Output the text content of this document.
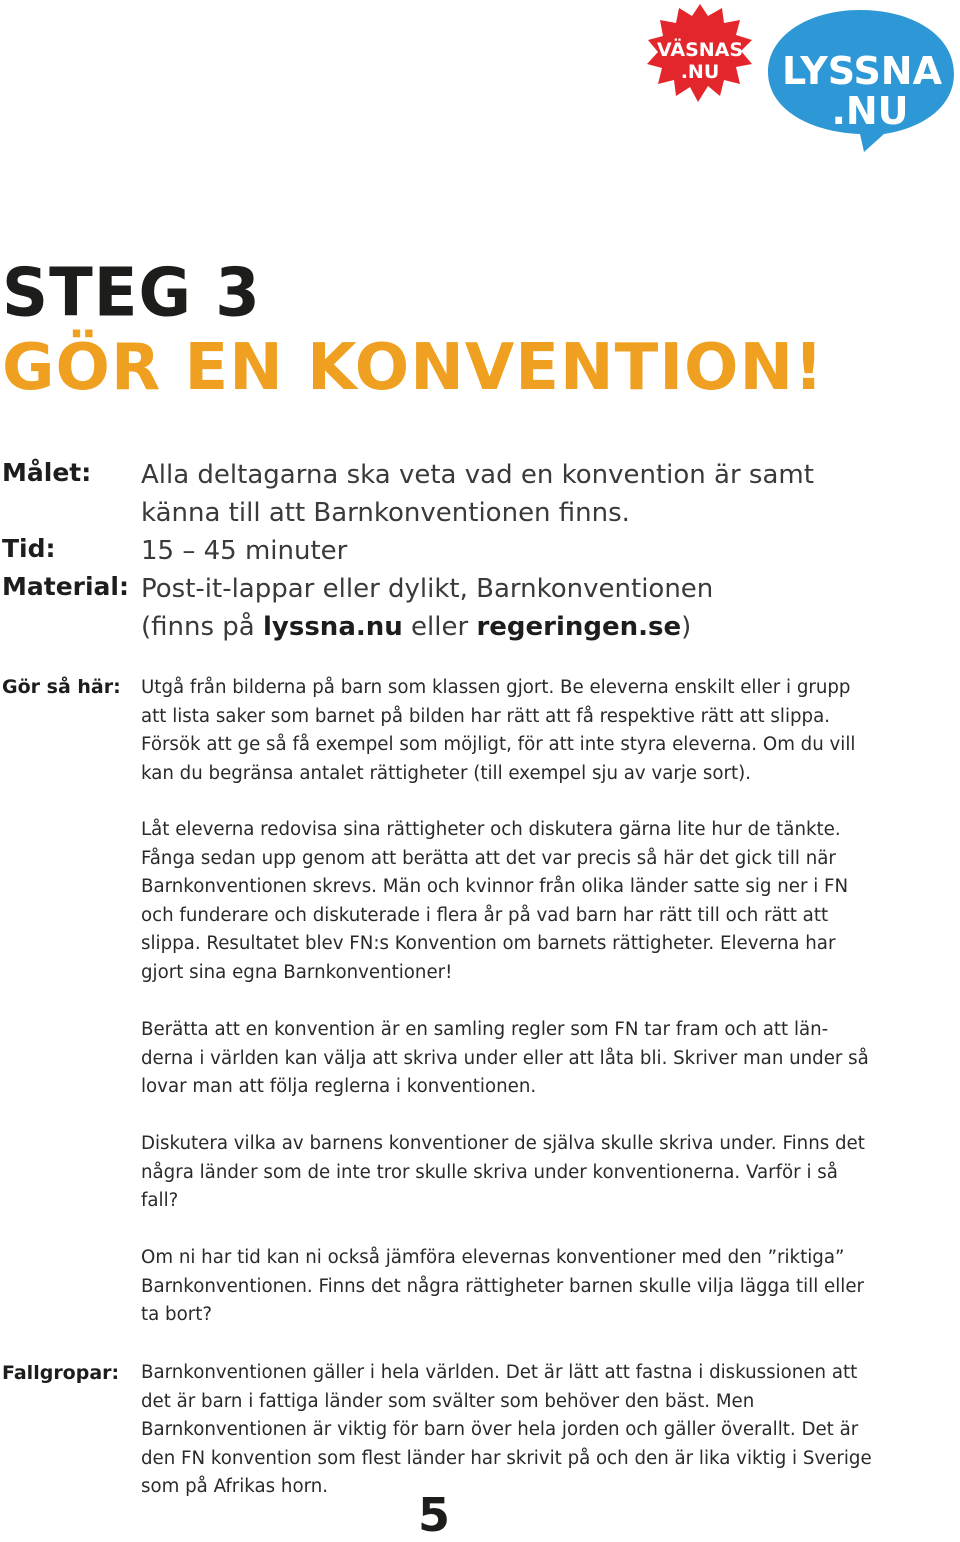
VÄSNAS
.NU LYSSNA
.NU
STEG 3
GÖR EN KONVENTION!
Målet: Alla deltagarna ska veta vad en konvention är samt känna till att Barnkonventionen finns.
Tid:	15 – 45 minuter
Material: Post-it-lappar eller dylikt, Barnkonventionen
(finns på lyssna.nu eller regeringen.se)
Gör så här: Utgå från bilderna på barn som klassen gjort. Be eleverna enskilt eller i grupp att lista saker som barnet på bilden har rätt att få respektive rätt att slippa. Försök att ge så få exempel som möjligt, för att inte styra eleverna. Om du vill kan du begränsa antalet rättigheter (till exempel sju av varje sort).
Låt eleverna redovisa sina rättigheter och diskutera gärna lite hur de tänkte. Fånga sedan upp genom att berätta att det var precis så här det gick till när Barnkonventionen skrevs. Män och kvinnor från olika länder satte sig ner i FN och funderare och diskuterade i flera år på vad barn har rätt till och rätt att slippa. Resultatet blev FN:s Konvention om barnets rättigheter. Eleverna har gjort sina egna Barnkonventioner!
Berätta att en konvention är en samling regler som FN tar fram och att län-derna i världen kan välja att skriva under eller att låta bli. Skriver man under så lovar man att följa reglerna i konventionen.
Diskutera vilka av barnens konventioner de själva skulle skriva under. Finns det några länder som de inte tror skulle skriva under konventionerna. Varför i så fall?
Om ni har tid kan ni också jämföra elevernas konventioner med den ”riktiga” Barnkonventionen. Finns det några rättigheter barnen skulle vilja lägga till eller ta bort?
Fallgropar: Barnkonventionen gäller i hela världen. Det är lätt att fastna i diskussionen att det är barn i fattiga länder som svälter som behöver den bäst. Men Barnkonventionen är viktig för barn över hela jorden och gäller överallt. Det är den FN konvention som flest länder har skrivit på och den är lika viktig i Sverige som på Afrikas horn.
5
